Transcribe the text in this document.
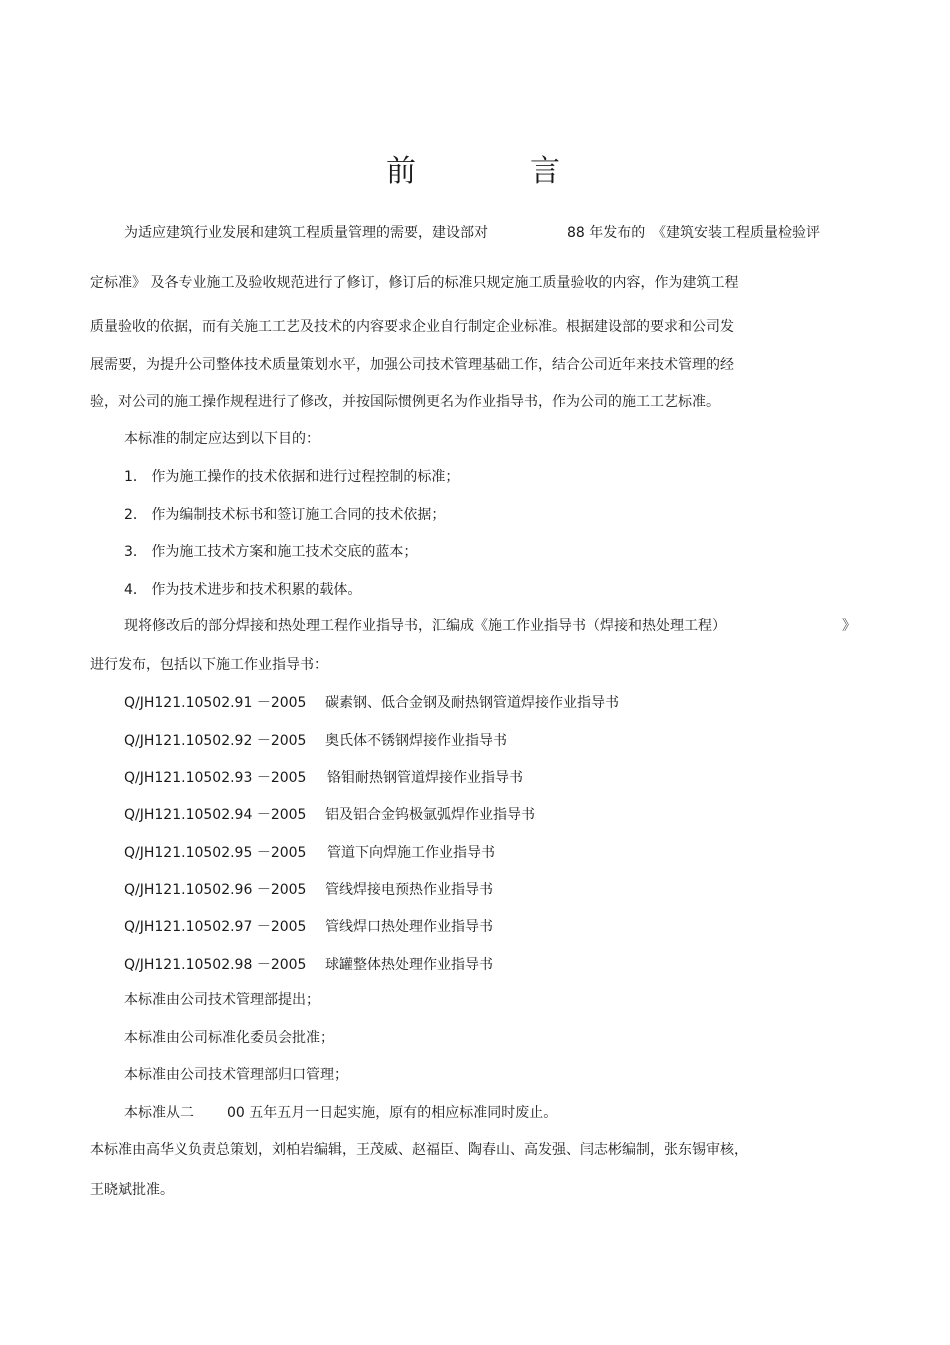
前	言
为适应建筑行业发展和建筑工程质量管理的需要，建设部对	88 年发布的 《建筑安装工程质量检验评
定标准》 及各专业施工及验收规范进行了修订，修订后的标准只规定施工质量验收的内容，作为建筑工程
质量验收的依据，而有关施工工艺及技术的内容要求企业自行制定企业标准。根据建设部的要求和公司发
展需要，为提升公司整体技术质量策划水平，加强公司技术管理基础工作，结合公司近年来技术管理的经
验，对公司的施工操作规程进行了修改，并按国际惯例更名为作业指导书，作为公司的施工工艺标准。
本标准的制定应达到以下目的：
1． 作为施工操作的技术依据和进行过程控制的标准；
2． 作为编制技术标书和签订施工合同的技术依据；
3． 作为施工技术方案和施工技术交底的蓝本；
4． 作为技术进步和技术积累的载体。
现将修改后的部分焊接和热处理工程作业指导书，汇编成《施工作业指导书（焊接和热处理工程）	》
进行发布，包括以下施工作业指导书：
Q/JH121.10502.91 －2005 碳素钢、低合金钢及耐热钢管道焊接作业指导书
Q/JH121.10502.92 －2005 奥氏体不锈钢焊接作业指导书
Q/JH121.10502.93 －2005 铬钼耐热钢管道焊接作业指导书
Q/JH121.10502.94 －2005 铝及铝合金钨极氩弧焊作业指导书
Q/JH121.10502.95 －2005 管道下向焊施工作业指导书
Q/JH121.10502.96 －2005 管线焊接电预热作业指导书
Q/JH121.10502.97 －2005 管线焊口热处理作业指导书
Q/JH121.10502.98 －2005 球罐整体热处理作业指导书
本标准由公司技术管理部提出；
本标准由公司标准化委员会批准；
本标准由公司技术管理部归口管理；
本标准从二 00 五年五月一日起实施，原有的相应标准同时废止。
本标准由高华义负责总策划，刘柏岩编辑，王茂威、赵福臣、陶春山、高发强、闫志彬编制，张东锡审核，
王晓斌批准。
